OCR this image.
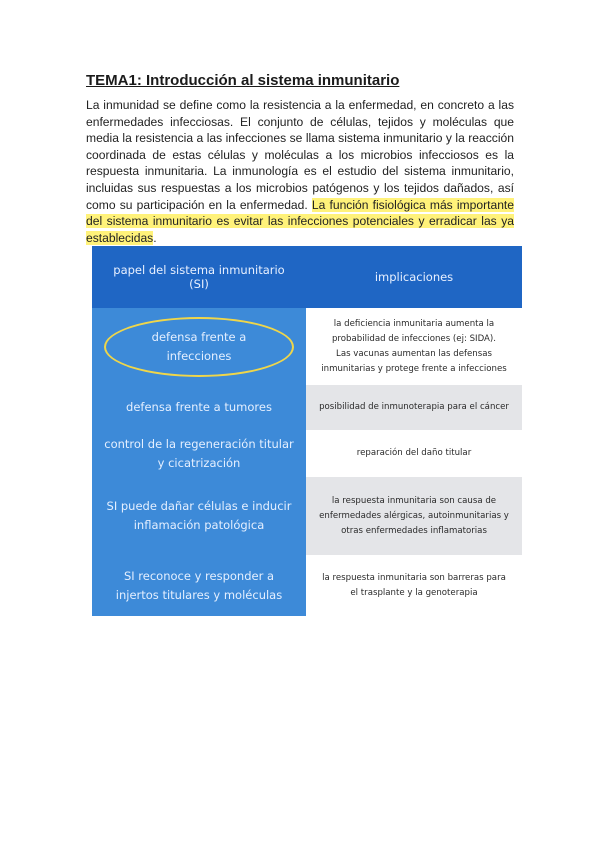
TEMA1: Introducción al sistema inmunitario
La inmunidad se define como la resistencia a la enfermedad, en concreto a las enfermedades infecciosas. El conjunto de células, tejidos y moléculas que media la resistencia a las infecciones se llama sistema inmunitario y la reacción coordinada de estas células y moléculas a los microbios infecciosos es la respuesta inmunitaria. La inmunología es el estudio del sistema inmunitario, incluidas sus respuestas a los microbios patógenos y los tejidos dañados, así como su participación en la enfermedad. La función fisiológica más importante del sistema inmunitario es evitar las infecciones potenciales y erradicar las ya establecidas.
papel del sistema inmunitario (SI)	implicaciones
defensa frente a infecciones
la deficiencia inmunitaria aumenta la probabilidad de infecciones (ej: SIDA).
Las vacunas aumentan las defensas inmunitarias y protege frente a infecciones
defensa frente a tumores	posibilidad de inmunoterapia para el cáncer
control de la regeneración titular y cicatrización
reparación del daño titular
SI puede dañar células e inducir inflamación patológica
la respuesta inmunitaria son causa de enfermedades alérgicas, autoinmunitarias y otras enfermedades inflamatorias
SI reconoce y responder a injertos titulares y moléculas
la respuesta inmunitaria son barreras para el trasplante y la genoterapia
